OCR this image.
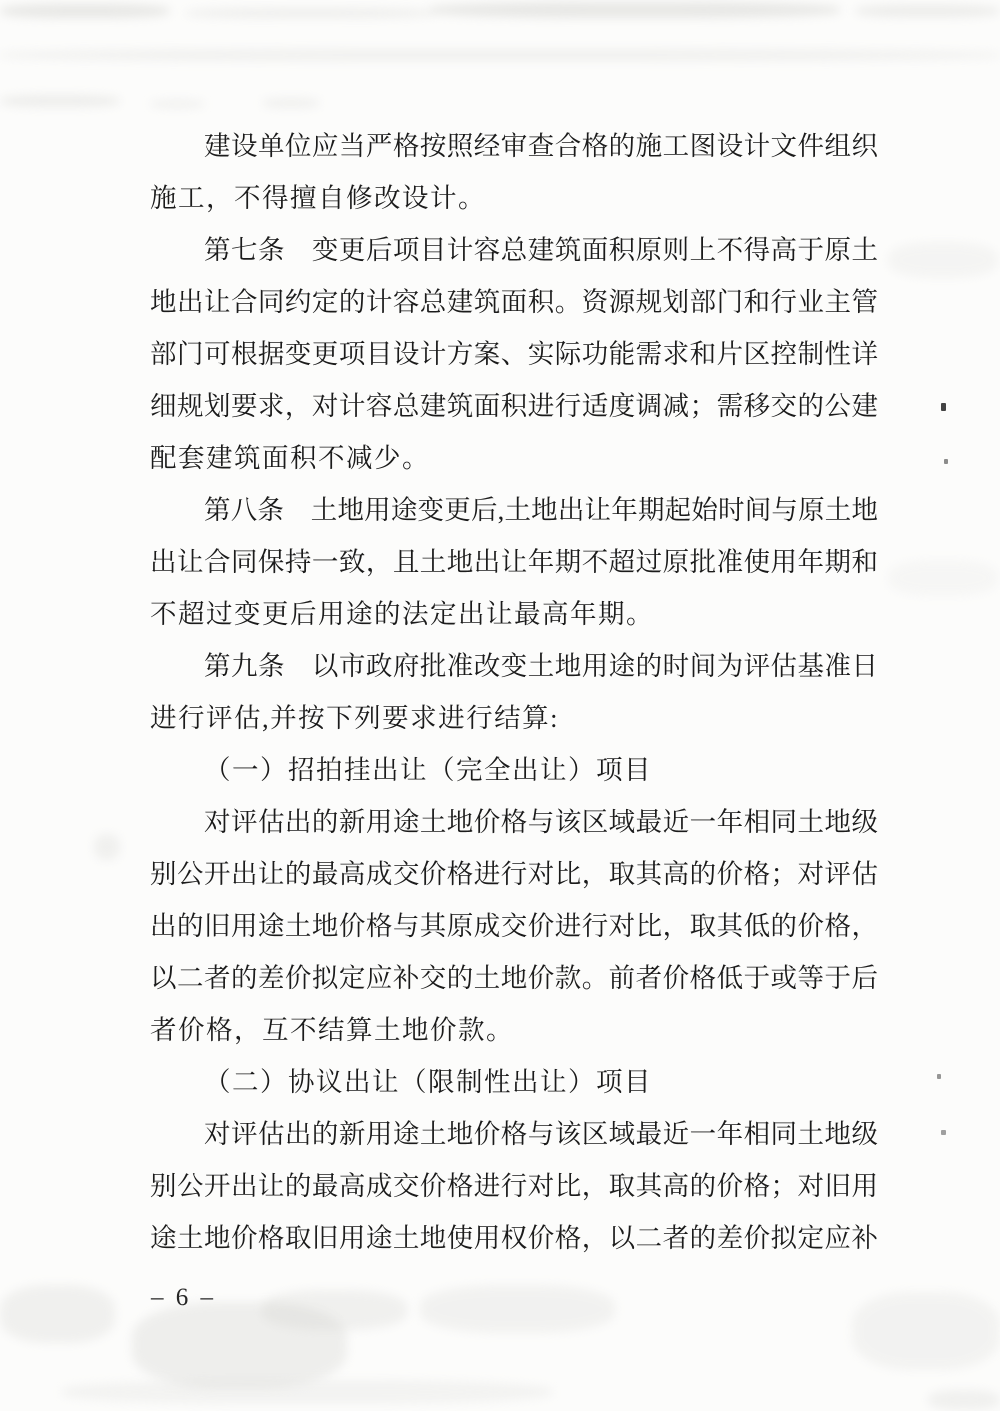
建设单位应当严格按照经审查合格的施工图设计文件组织
施工，不得擅自修改设计。
第七条　变更后项目计容总建筑面积原则上不得高于原土
地出让合同约定的计容总建筑面积。资源规划部门和行业主管
部门可根据变更项目设计方案、实际功能需求和片区控制性详
细规划要求，对计容总建筑面积进行适度调减；需移交的公建
配套建筑面积不减少。
第八条　土地用途变更后,土地出让年期起始时间与原土地
出让合同保持一致，且土地出让年期不超过原批准使用年期和
不超过变更后用途的法定出让最高年期。
第九条　以市政府批准改变土地用途的时间为评估基准日
进行评估,并按下列要求进行结算:
（一）招拍挂出让（完全出让）项目
对评估出的新用途土地价格与该区域最近一年相同土地级
别公开出让的最高成交价格进行对比，取其高的价格；对评估
出的旧用途土地价格与其原成交价进行对比，取其低的价格，
以二者的差价拟定应补交的土地价款。前者价格低于或等于后
者价格，互不结算土地价款。
（二）协议出让（限制性出让）项目
对评估出的新用途土地价格与该区域最近一年相同土地级
别公开出让的最高成交价格进行对比，取其高的价格；对旧用
途土地价格取旧用途土地使用权价格，以二者的差价拟定应补
– 6 –
